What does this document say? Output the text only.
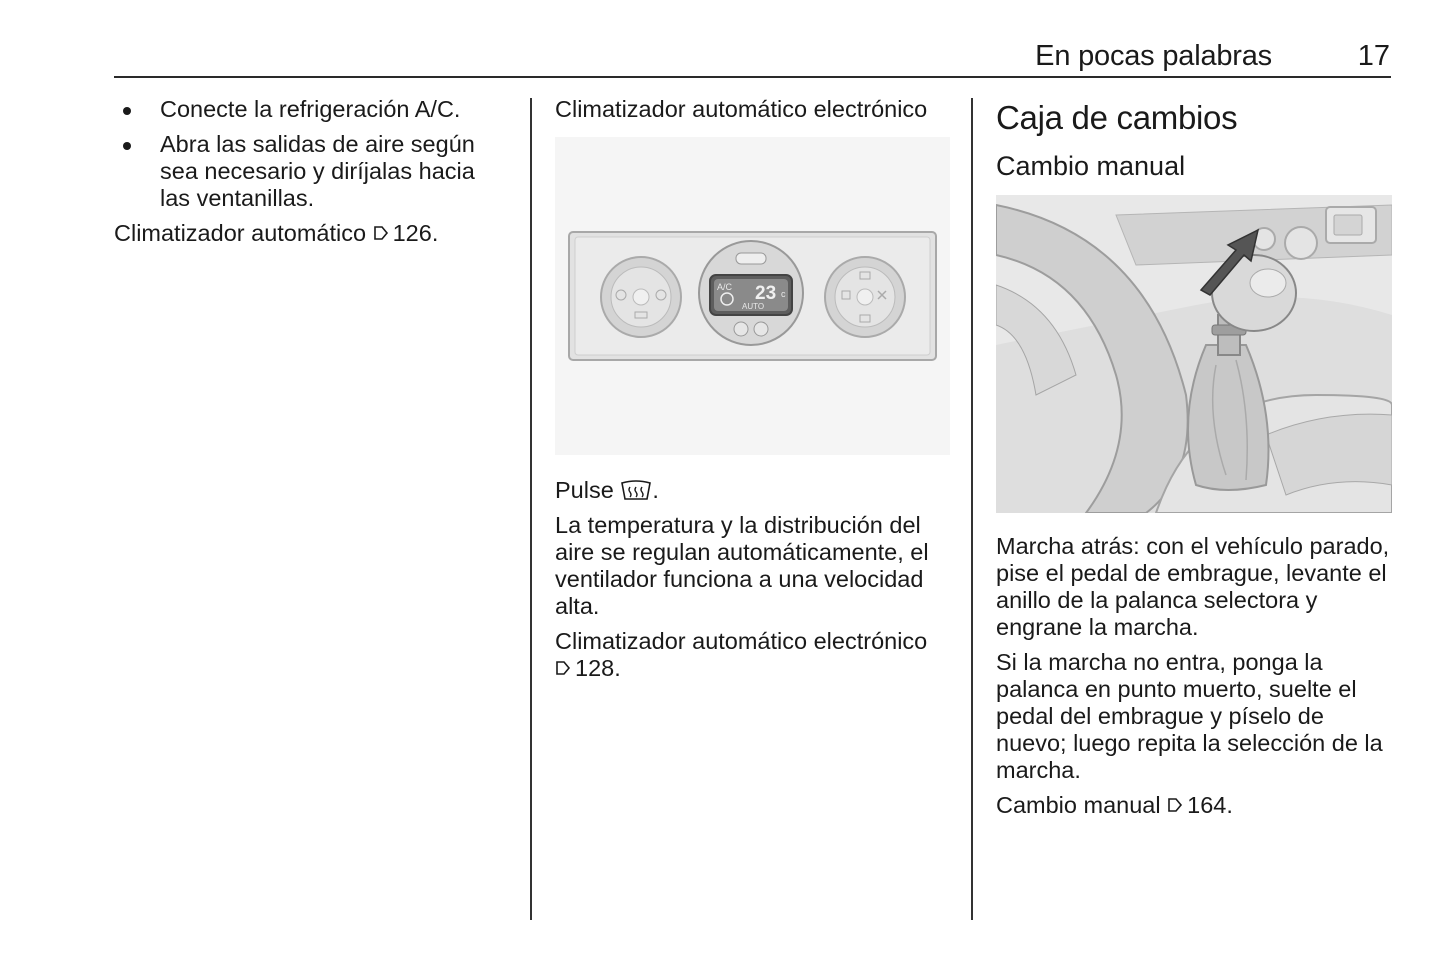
En pocas palabras	17
Conecte la refrigeración A/C.
Abra las salidas de aire según sea necesario y diríjalas hacia las ventanillas.

Climatizador automático 126.

Climatizador automático electrónico
A/C 23 c
AUTO

Pulse .

La temperatura y la distribución del aire se regulan automáticamente, el ventilador funciona a una velocidad alta.

Climatizador automático electrónico
128.

Caja de cambios
Cambio manual

Marcha atrás: con el vehículo parado, pise el pedal de embrague, levante el anillo de la palanca selectora y engrane la marcha.

Si la marcha no entra, ponga la palanca en punto muerto, suelte el pedal del embrague y píselo de nuevo; luego repita la selección de la marcha.

Cambio manual 164.
